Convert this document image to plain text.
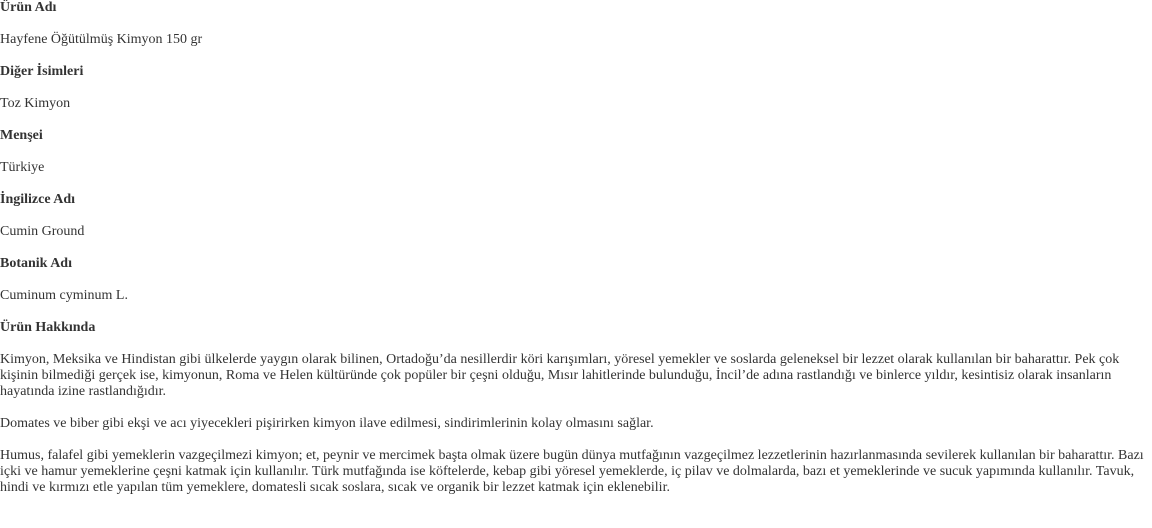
Ürün Adı
Hayfene Öğütülmüş Kimyon 150 gr
Diğer İsimleri
Toz Kimyon
Menşei
Türkiye
İngilizce Adı
Cumin Ground
Botanik Adı
Cuminum cyminum L.
Ürün Hakkında
Kimyon, Meksika ve Hindistan gibi ülkelerde yaygın olarak bilinen, Ortadoğu’da nesillerdir köri karışımları, yöresel yemekler ve soslarda geleneksel bir lezzet olarak kullanılan bir baharattır. Pek çok kişinin bilmediği gerçek ise, kimyonun, Roma ve Helen kültüründe çok popüler bir çeşni olduğu, Mısır lahitlerinde bulunduğu, İncil’de adına rastlandığı ve binlerce yıldır, kesintisiz olarak insanların hayatında izine rastlandığıdır.
Domates ve biber gibi ekşi ve acı yiyecekleri pişirirken kimyon ilave edilmesi, sindirimlerinin kolay olmasını sağlar.
Humus, falafel gibi yemeklerin vazgeçilmezi kimyon; et, peynir ve mercimek başta olmak üzere bugün dünya mutfağının vazgeçilmez lezzetlerinin hazırlanmasında sevilerek kullanılan bir baharattır. Bazı içki ve hamur yemeklerine çeşni katmak için kullanılır. Türk mutfağında ise köftelerde, kebap gibi yöresel yemeklerde, iç pilav ve dolmalarda, bazı et yemeklerinde ve sucuk yapımında kullanılır. Tavuk, hindi ve kırmızı etle yapılan tüm yemeklere, domatesli sıcak soslara, sıcak ve organik bir lezzet katmak için eklenebilir.
